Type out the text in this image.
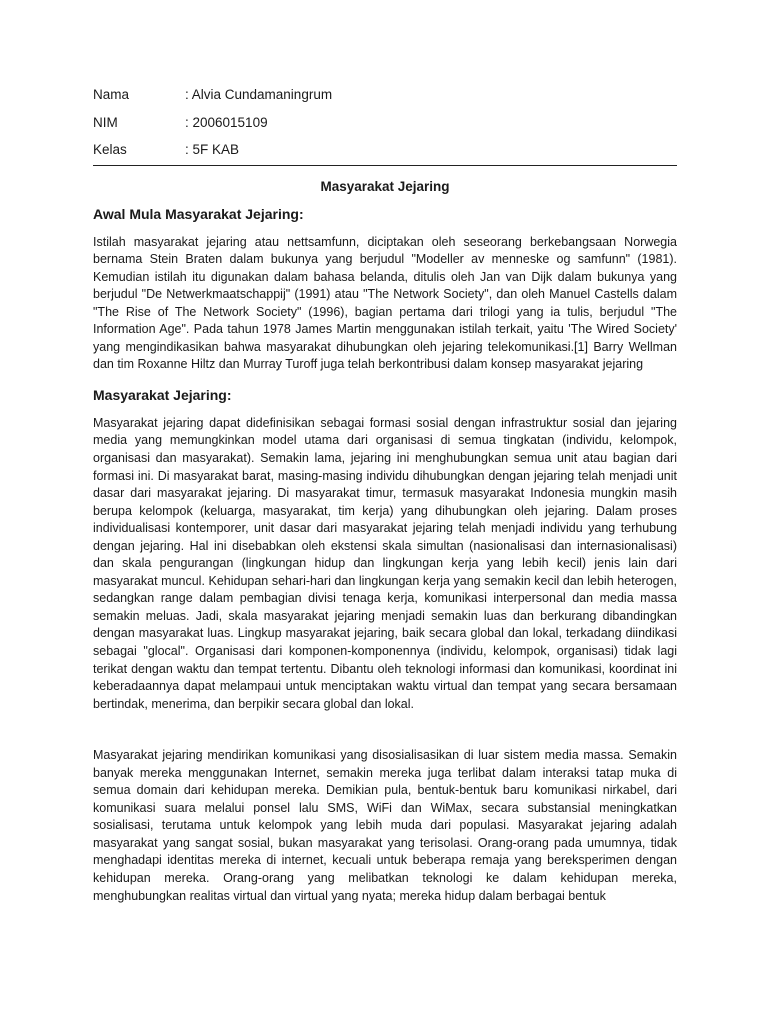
Nama	: Alvia Cundamaningrum
NIM	: 2006015109
Kelas	: 5F KAB
Masyarakat Jejaring
Awal Mula Masyarakat Jejaring:

Istilah masyarakat jejaring atau nettsamfunn, diciptakan oleh seseorang berkebangsaan Norwegia bernama Stein Braten dalam bukunya yang berjudul "Modeller av menneske og samfunn" (1981). Kemudian istilah itu digunakan dalam bahasa belanda, ditulis oleh Jan van Dijk dalam bukunya yang berjudul "De Netwerkmaatschappij" (1991) atau "The Network Society", dan oleh Manuel Castells dalam "The Rise of The Network Society" (1996), bagian pertama dari trilogi yang ia tulis, berjudul "The Information Age". Pada tahun 1978 James Martin menggunakan istilah terkait, yaitu 'The Wired Society' yang mengindikasikan bahwa masyarakat dihubungkan oleh jejaring telekomunikasi.[1] Barry Wellman dan tim Roxanne Hiltz dan Murray Turoff juga telah berkontribusi dalam konsep masyarakat jejaring

Masyarakat Jejaring:

Masyarakat jejaring dapat didefinisikan sebagai formasi sosial dengan infrastruktur sosial dan jejaring media yang memungkinkan model utama dari organisasi di semua tingkatan (individu, kelompok, organisasi dan masyarakat). Semakin lama, jejaring ini menghubungkan semua unit atau bagian dari formasi ini. Di masyarakat barat, masing-masing individu dihubungkan dengan jejaring telah menjadi unit dasar dari masyarakat jejaring. Di masyarakat timur, termasuk masyarakat Indonesia mungkin masih berupa kelompok (keluarga, masyarakat, tim kerja) yang dihubungkan oleh jejaring. Dalam proses individualisasi kontemporer, unit dasar dari masyarakat jejaring telah menjadi individu yang terhubung dengan jejaring. Hal ini disebabkan oleh ekstensi skala simultan (nasionalisasi dan internasionalisasi) dan skala pengurangan (lingkungan hidup dan lingkungan kerja yang lebih kecil) jenis lain dari masyarakat muncul. Kehidupan sehari-hari dan lingkungan kerja yang semakin kecil dan lebih heterogen, sedangkan range dalam pembagian divisi tenaga kerja, komunikasi interpersonal dan media massa semakin meluas. Jadi, skala masyarakat jejaring menjadi semakin luas dan berkurang dibandingkan dengan masyarakat luas. Lingkup masyarakat jejaring, baik secara global dan lokal, terkadang diindikasi sebagai "glocal". Organisasi dari komponen-komponennya (individu, kelompok, organisasi) tidak lagi terikat dengan waktu dan tempat tertentu. Dibantu oleh teknologi informasi dan komunikasi, koordinat ini keberadaannya dapat melampaui untuk menciptakan waktu virtual dan tempat yang secara bersamaan bertindak, menerima, dan berpikir secara global dan lokal.

Masyarakat jejaring mendirikan komunikasi yang disosialisasikan di luar sistem media massa. Semakin banyak mereka menggunakan Internet, semakin mereka juga terlibat dalam interaksi tatap muka di semua domain dari kehidupan mereka. Demikian pula, bentuk-bentuk baru komunikasi nirkabel, dari komunikasi suara melalui ponsel lalu SMS, WiFi dan WiMax, secara substansial meningkatkan sosialisasi, terutama untuk kelompok yang lebih muda dari populasi. Masyarakat jejaring adalah masyarakat yang sangat sosial, bukan masyarakat yang terisolasi. Orang-orang pada umumnya, tidak menghadapi identitas mereka di internet, kecuali untuk beberapa remaja yang bereksperimen dengan kehidupan mereka. Orang-orang yang melibatkan teknologi ke dalam kehidupan mereka, menghubungkan realitas virtual dan virtual yang nyata; mereka hidup dalam berbagai bentuk
